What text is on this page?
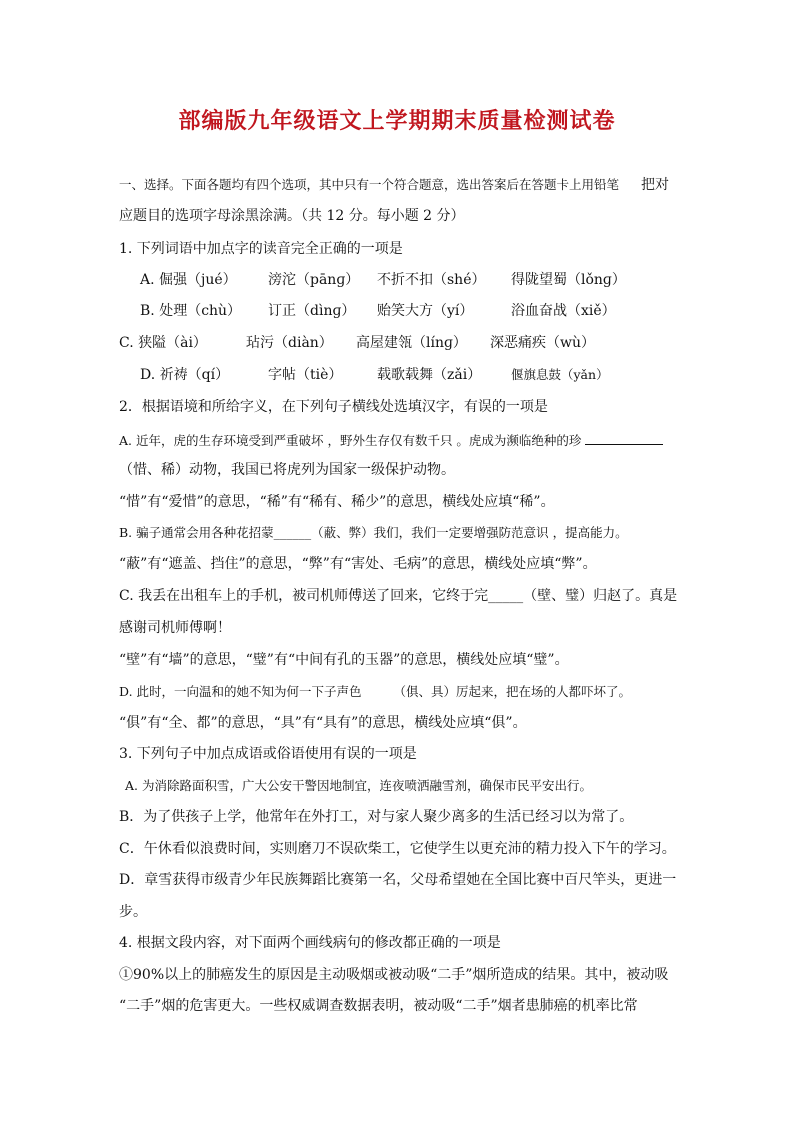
部编版九年级语文上学期期末质量检测试卷
一、选择。下面各题均有四个选项，其中只有一个符合题意，选出答案后在答题卡上用铅笔 把对
应题目的选项字母涂黑涂满。（共 12 分。每小题 2 分）
1. 下列词语中加点字的读音完全正确的一项是
A. 倔强（jué） 滂沱（pānɡ） 不折不扣（shé） 得陇望蜀（lǒnɡ）
B. 处理（chù） 订正（dìnɡ） 贻笑大方（yí）	浴血奋战（xiě）
C. 狭隘（ài）	玷污（diàn） 高屋建瓴（línɡ） 深恶痛疾（wù）
D. 祈祷（qí）	字帖（tiè） 载歌载舞（zǎi） 偃旗息鼓（yǎn）
2．根据语境和所给字义，在下列句子横线处选填汉字，有误的一项是
A. 近年，虎的生存环境受到严重破坏 ，野外生存仅有数千只 。虎成为濒临绝种的珍
（惜、稀）动物，我国已将虎列为国家一级保护动物。
“惜”有“爱惜”的意思，“稀”有“稀有、稀少”的意思，横线处应填“稀”。
B. 骗子通常会用各种花招蒙______（蔽、弊）我们，我们一定要增强防范意识 ，提高能力。
“蔽”有“遮盖、挡住”的意思，“弊”有“害处、毛病”的意思，横线处应填“弊”。
C. 我丢在出租车上的手机，被司机师傅送了回来，它终于完_____（壁、璧）归赵了。真是
感谢司机师傅啊！
“壁”有“墙”的意思，“璧”有“中间有孔的玉器”的意思，横线处应填“璧”。
D. 此时，一向温和的她不知为何一下子声色	（俱、具）厉起来，把在场的人都吓坏了。
“俱”有“全、都”的意思，“具”有“具有”的意思，横线处应填“俱”。
3. 下列句子中加点成语或俗语使用有误的一项是
A. 为消除路面积雪，广大公安干警因地制宜，连夜喷洒融雪剂，确保市民平安出行。
B．为了供孩子上学，他常年在外打工，对与家人聚少离多的生活已经习以为常了。
C．午休看似浪费时间，实则磨刀不误砍柴工，它使学生以更充沛的精力投入下午的学习。
D．章雪获得市级青少年民族舞蹈比赛第一名，父母希望她在全国比赛中百尺竿头，更进一
步。
4. 根据文段内容，对下面两个画线病句的修改都正确的一项是
①90%以上的肺癌发生的原因是主动吸烟或被动吸“二手”烟所造成的结果。其中，被动吸
“二手”烟的危害更大。一些权威调查数据表明，被动吸“二手”烟者患肺癌的机率比常
